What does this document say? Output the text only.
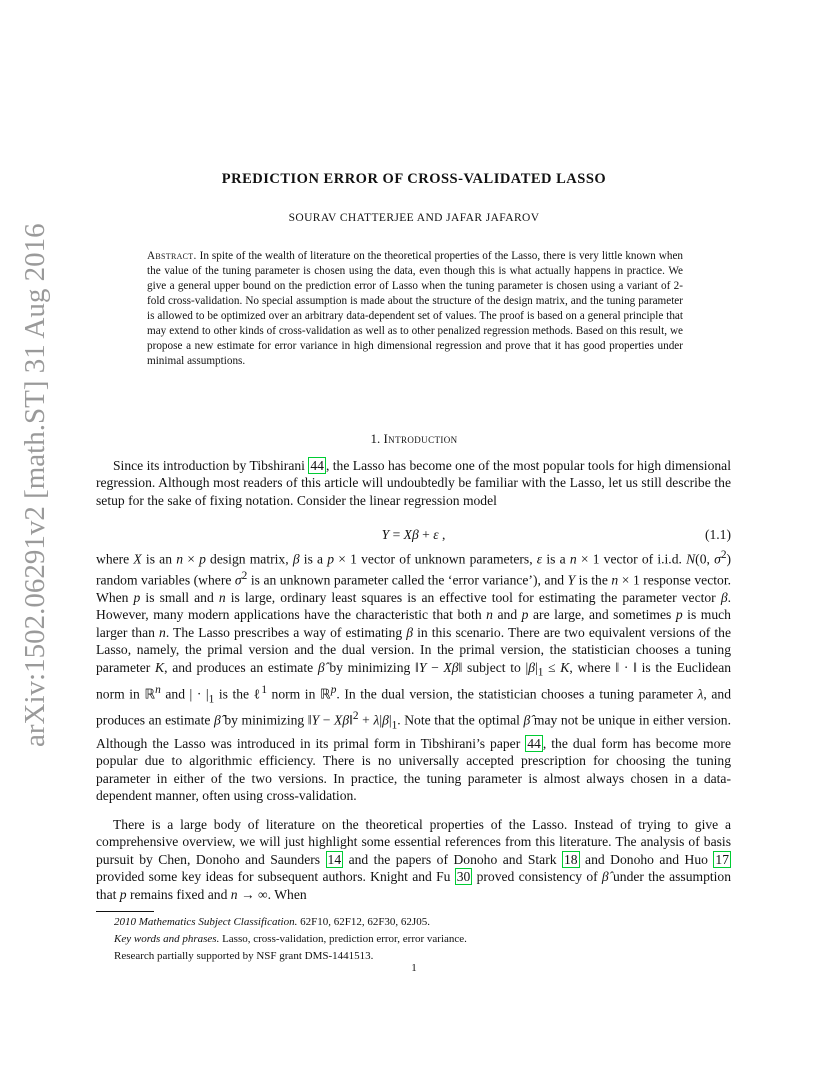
arXiv:1502.06291v2 [math.ST] 31 Aug 2016
PREDICTION ERROR OF CROSS-VALIDATED LASSO
SOURAV CHATTERJEE AND JAFAR JAFAROV
Abstract. In spite of the wealth of literature on the theoretical properties of the Lasso, there is very little known when the value of the tuning parameter is chosen using the data, even though this is what actually happens in practice. We give a general upper bound on the prediction error of Lasso when the tuning parameter is chosen using a variant of 2-fold cross-validation. No special assumption is made about the structure of the design matrix, and the tuning parameter is allowed to be optimized over an arbitrary data-dependent set of values. The proof is based on a general principle that may extend to other kinds of cross-validation as well as to other penalized regression methods. Based on this result, we propose a new estimate for error variance in high dimensional regression and prove that it has good properties under minimal assumptions.
1. Introduction

Since its introduction by Tibshirani 44 , the Lasso has become one of the most popular tools for high dimensional regression. Although most readers of this article will undoubtedly be familiar with the Lasso, let us still describe the setup for the sake of fixing notation. Consider the linear regression model

Y = Xβ + ε ,	(1.1)

where X is an n × p design matrix, β is a p × 1 vector of unknown parameters, ε is a n × 1 vector of i.i.d. N(0, $\sigma^2$) random variables (where $\sigma^2$ is an unknown parameter called the ‘error variance’), and Y is the n × 1 response vector. When p is small and n is large, ordinary least squares is an effective tool for estimating the parameter vector β. However, many modern applications have the characteristic that both n and p are large, and sometimes p is much larger than n. The Lasso prescribes a way of estimating β in this scenario. There are two equivalent versions of the Lasso, namely, the primal version and the dual version. In the primal version, the statistician chooses a tuning parameter K, and produces an estimate β̂ by minimizing ‖Y − Xβ‖ subject to $|\beta|_1 \le K$, where ‖ · ‖ is the Euclidean norm in ℝ$^n$ and | · $|_1$ is the ℓ$^1$ norm in ℝ$^p$. In the dual version, the statistician chooses a tuning parameter λ, and produces an estimate β̂ by minimizing ‖Y − Xβ‖$^2$ + $\lambda|\beta|_1$. Note that the optimal β̂ may not be unique in either version. Although the Lasso was introduced in its primal form in Tibshirani’s paper 44 , the dual form has become more popular due to algorithmic efficiency. There is no universally accepted prescription for choosing the tuning parameter in either of the two versions. In practice, the tuning parameter is almost always chosen in a data-dependent manner, often using cross-validation.

There is a large body of literature on the theoretical properties of the Lasso. Instead of trying to give a comprehensive overview, we will just highlight some essential references from this literature. The analysis of basis pursuit by Chen, Donoho and Saunders 14 and the papers of Donoho and Stark 18 and Donoho and Huo 17 provided some key ideas for subsequent authors. Knight and Fu 30 proved consistency of β̂ under the assumption that p remains fixed and n → ∞. When

2010 Mathematics Subject Classification. 62F10, 62F12, 62F30, 62J05.

Key words and phrases. Lasso, cross-validation, prediction error, error variance.

Research partially supported by NSF grant DMS-1441513.

1
